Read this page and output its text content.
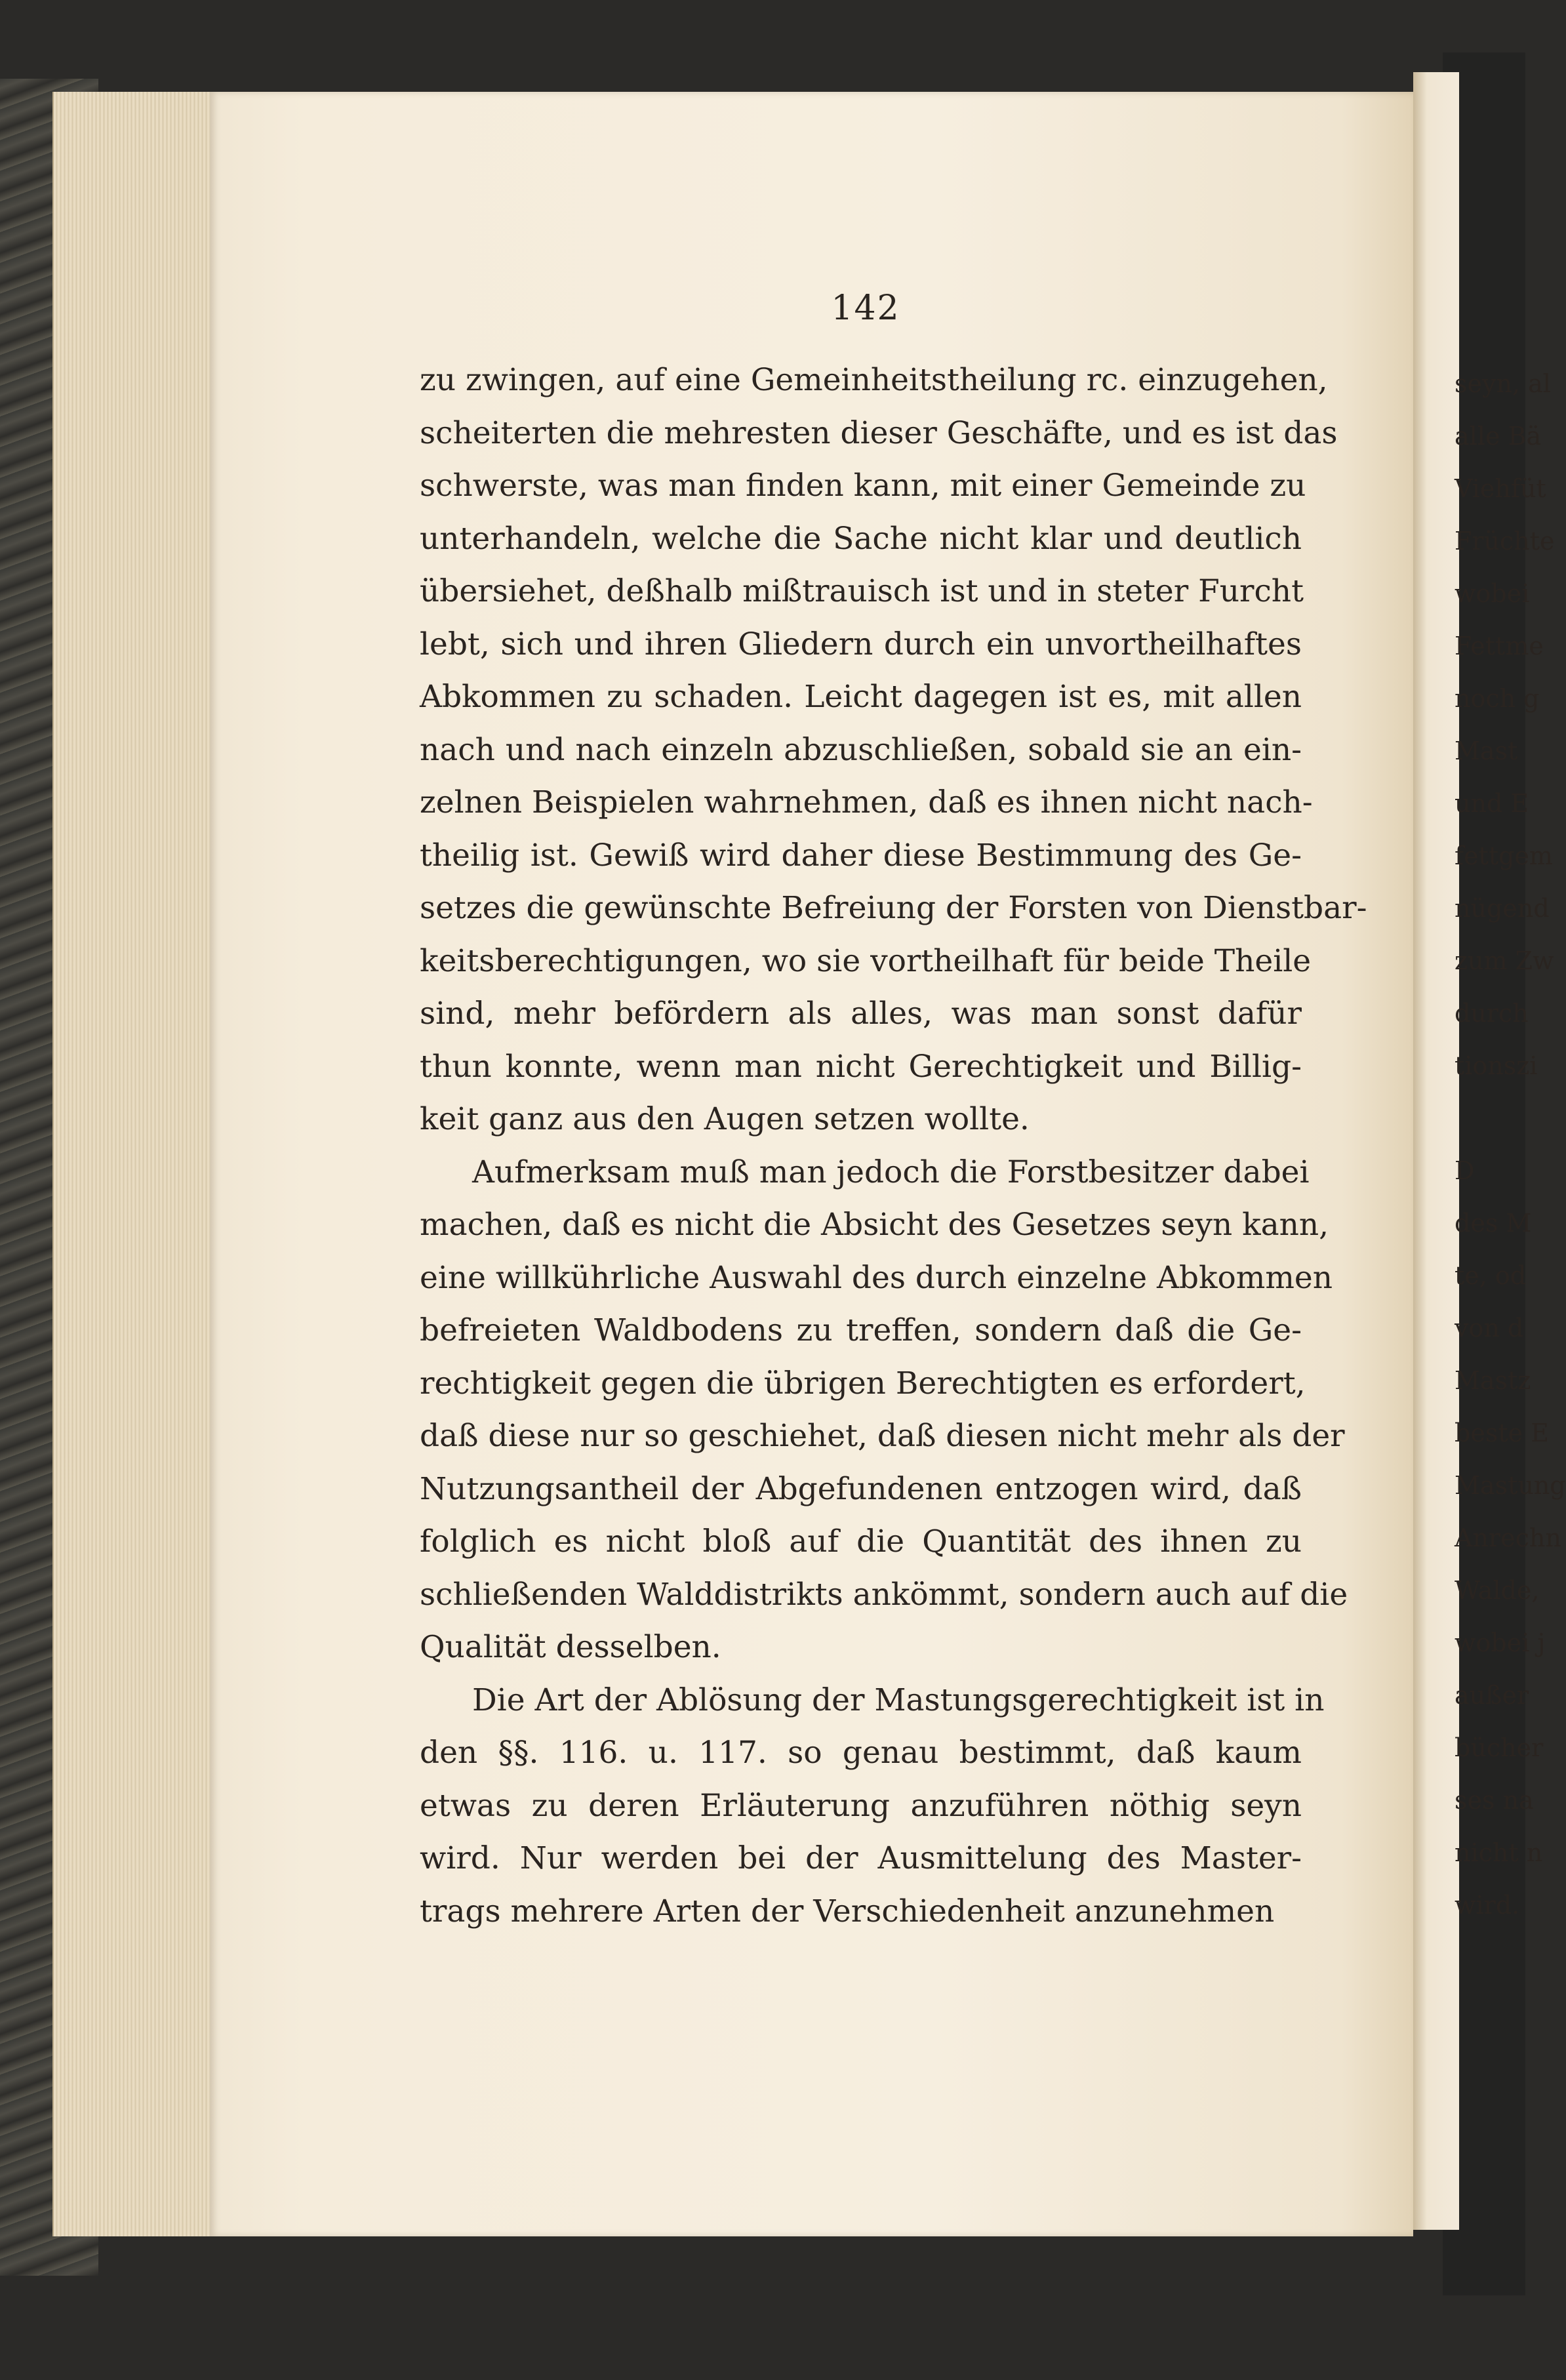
142
zu zwingen, auf eine Gemeinheitstheilung rc. einzugehen,
scheiterten die mehresten dieser Geschäfte, und es ist das
schwerste, was man finden kann, mit einer Gemeinde zu
unterhandeln, welche die Sache nicht klar und deutlich
übersiehet, deßhalb mißtrauisch ist und in steter Furcht
lebt, sich und ihren Gliedern durch ein unvortheilhaftes
Abkommen zu schaden. Leicht dagegen ist es, mit allen
nach und nach einzeln abzuschließen, sobald sie an ein-
zelnen Beispielen wahrnehmen, daß es ihnen nicht nach-
theilig ist. Gewiß wird daher diese Bestimmung des Ge-
setzes die gewünschte Befreiung der Forsten von Dienstbar-
keitsberechtigungen, wo sie vortheilhaft für beide Theile
sind, mehr befördern als alles, was man sonst dafür
thun konnte, wenn man nicht Gerechtigkeit und Billig-
keit ganz aus den Augen setzen wollte.
Aufmerksam muß man jedoch die Forstbesitzer dabei
machen, daß es nicht die Absicht des Gesetzes seyn kann,
eine willkührliche Auswahl des durch einzelne Abkommen
befreieten Waldbodens zu treffen, sondern daß die Ge-
rechtigkeit gegen die übrigen Berechtigten es erfordert,
daß diese nur so geschiehet, daß diesen nicht mehr als der
Nutzungsantheil der Abgefundenen entzogen wird, daß
folglich es nicht bloß auf die Quantität des ihnen zu
schließenden Walddistrikts ankömmt, sondern auch auf die
Qualität desselben.
Die Art der Ablösung der Mastungsgerechtigkeit ist in
den §§. 116. u. 117. so genau bestimmt, daß kaum
etwas zu deren Erläuterung anzuführen nöthig seyn
wird. Nur werden bei der Ausmittelung des Master-
trags mehrere Arten der Verschiedenheit anzunehmen
seyn, al
alle Bä
Viehfüt
Früchte
wobei
Fettme
noch g
Mast
und E
fettgem
nügend
zum Zw
durch
tionszi

D
des M
te, od
von d
Mastz
beste E
Mastung
Anrechn
Walde,
wobei j
außer
bücher
ses na
nicht n
wird.
